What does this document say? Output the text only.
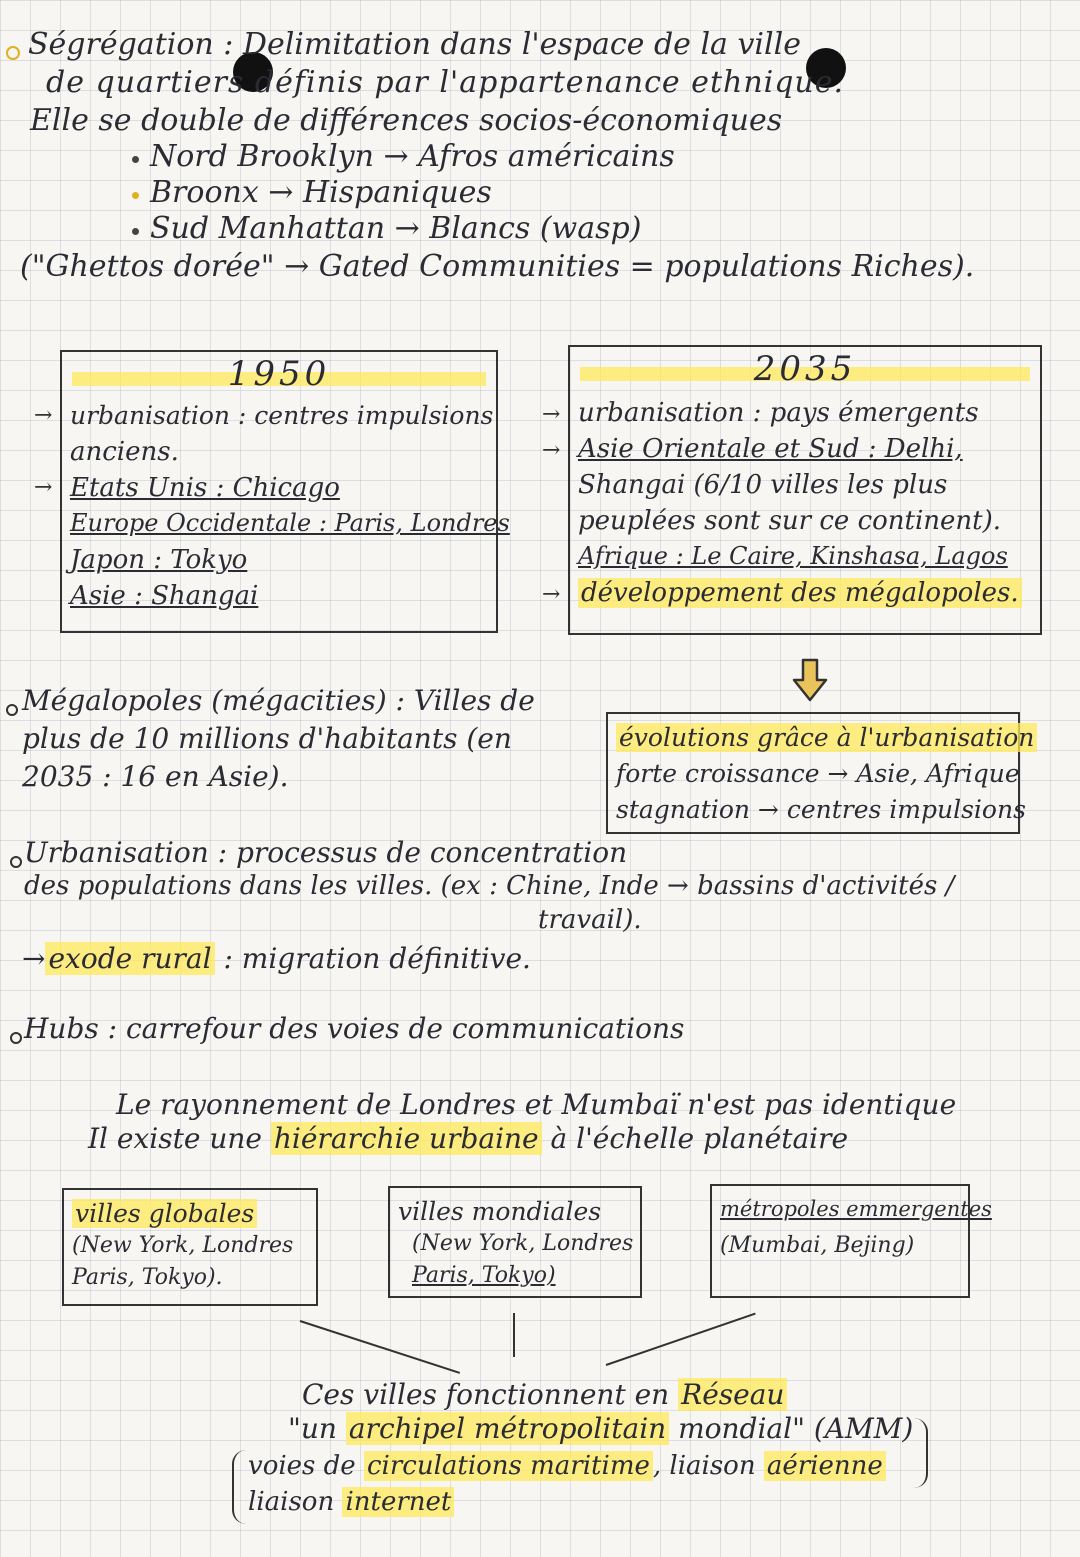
Ségrégation : Delimitation dans l'espace de la ville
de quartiers définis par l'appartenance ethnique.
Elle se double de différences socios-économiques
Nord Brooklyn → Afros américains
Broonx → Hispaniques
Sud Manhattan → Blancs (wasp)
("Ghettos dorée" → Gated Communities = populations Riches).
1950
urbanisation : centres impulsions
anciens.
Etats Unis : Chicago
Europe Occidentale : Paris, Londres
Japon : Tokyo
Asie : Shangai
→
→
2035
urbanisation : pays émergents
Asie Orientale et Sud : Delhi,
Shangai (6/10 villes les plus
peuplées sont sur ce continent).
Afrique : Le Caire, Kinshasa, Lagos
développement des mégalopoles.
→
→
→
évolutions grâce à l'urbanisation
forte croissance → Asie, Afrique
stagnation → centres impulsions
Mégalopoles (mégacities) : Villes de
plus de 10 millions d'habitants (en
2035 : 16 en Asie).
Urbanisation : processus de concentration
des populations dans les villes. (ex : Chine, Inde → bassins d'activités /
travail).
→ exode rural : migration définitive.
Hubs : carrefour des voies de communications
Le rayonnement de Londres et Mumbaï n'est pas identique
Il existe une hiérarchie urbaine à l'échelle planétaire
villes globales
(New York, Londres
Paris, Tokyo).
villes mondiales
(New York, Londres
Paris, Tokyo)
métropoles emmergentes
(Mumbai, Bejing)
Ces villes fonctionnent en Réseau
"un archipel métropolitain mondial" (AMM)
voies de circulations maritime , liaison aérienne
liaison internet
